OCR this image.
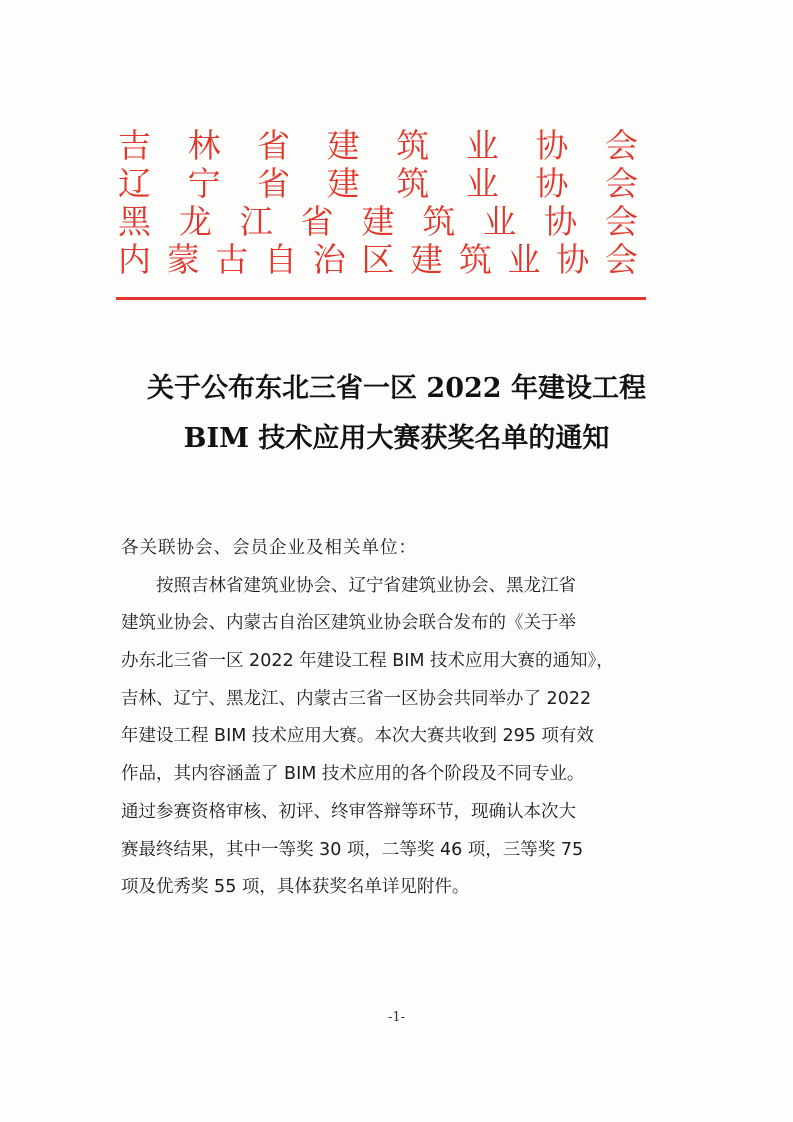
吉 林 省 建 筑 业 协 会
辽 宁 省 建 筑 业 协 会
黑 龙 江 省 建 筑 业 协 会
内 蒙 古 自 治 区 建 筑 业 协 会
关于公布东北三省一区 2022 年建设工程
BIM 技术应用大赛获奖名单的通知
各关联协会、会员企业及相关单位：
按照吉林省建筑业协会、辽宁省建筑业协会、黑龙江省
建筑业协会、内蒙古自治区建筑业协会联合发布的《关于举
办东北三省一区 2022 年建设工程 BIM 技术应用大赛的通知》，
吉林、辽宁、黑龙江、内蒙古三省一区协会共同举办了 2022
年建设工程 BIM 技术应用大赛。本次大赛共收到 295 项有效
作品，其内容涵盖了 BIM 技术应用的各个阶段及不同专业。
通过参赛资格审核、初评、终审答辩等环节，现确认本次大
赛最终结果，其中一等奖 30 项，二等奖 46 项，三等奖 75
项及优秀奖 55 项，具体获奖名单详见附件。
-1-
